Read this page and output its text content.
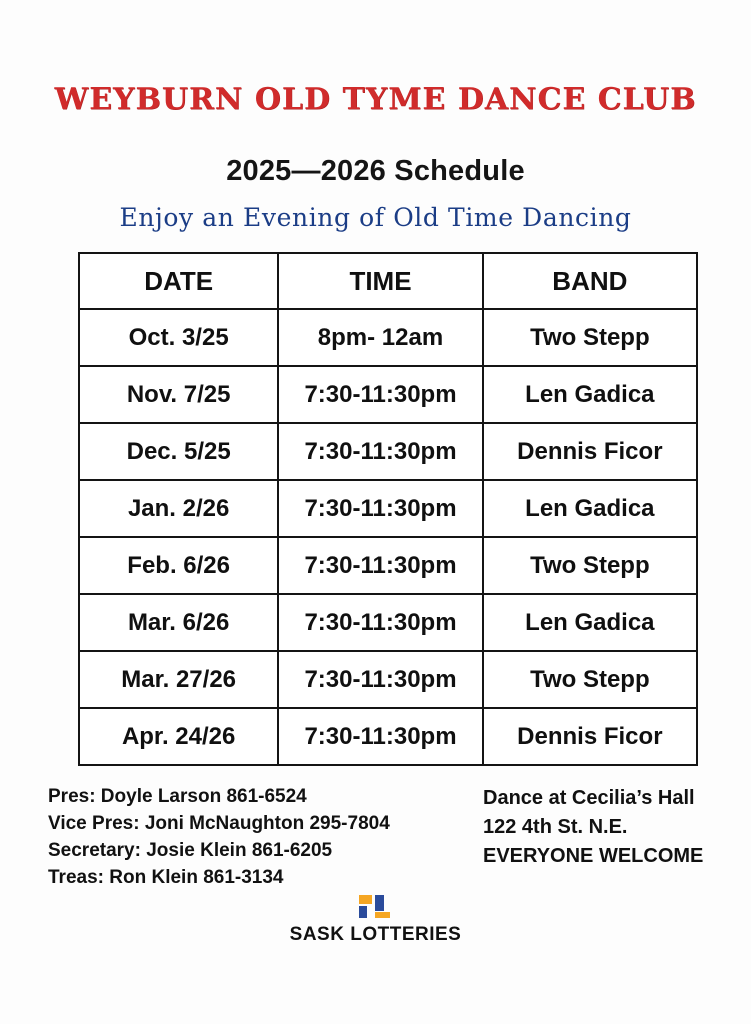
WEYBURN OLD TYME DANCE CLUB
2025—2026 Schedule
Enjoy an Evening of Old Time Dancing
DATE	TIME	BAND
Oct. 3/25	8pm- 12am	Two Stepp
Nov. 7/25	7:30-11:30pm	Len Gadica
Dec. 5/25	7:30-11:30pm	Dennis Ficor
Jan. 2/26	7:30-11:30pm	Len Gadica
Feb. 6/26	7:30-11:30pm	Two Stepp
Mar. 6/26	7:30-11:30pm	Len Gadica
Mar. 27/26	7:30-11:30pm	Two Stepp
Apr. 24/26	7:30-11:30pm	Dennis Ficor
Pres: Doyle Larson 861-6524
Vice Pres: Joni McNaughton 295-7804
Secretary: Josie Klein 861-6205
Treas: Ron Klein 861-3134
Dance at Cecilia’s Hall
122 4th St. N.E.
EVERYONE WELCOME
SASK LOTTERIES
